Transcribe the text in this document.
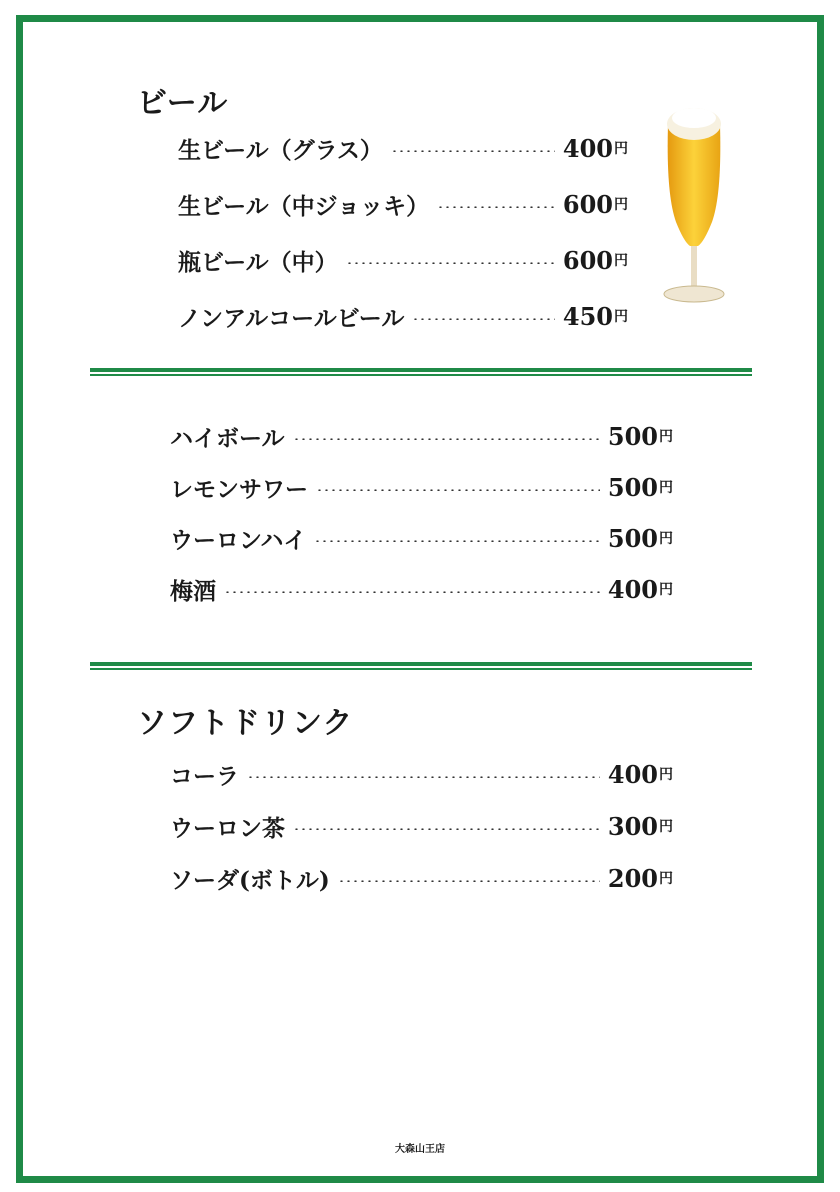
ビール
生ビール（グラス）	400 円
生ビール（中ジョッキ）	600 円
瓶ビール（中）	600 円
ノンアルコールビール	450 円
ハイボール	500 円
レモンサワー	500 円
ウーロンハイ	500 円
梅酒	400 円
ソフトドリンク
コーラ	400 円
ウーロン茶	300 円
ソーダ(ボトル)	200 円
大森山王店
